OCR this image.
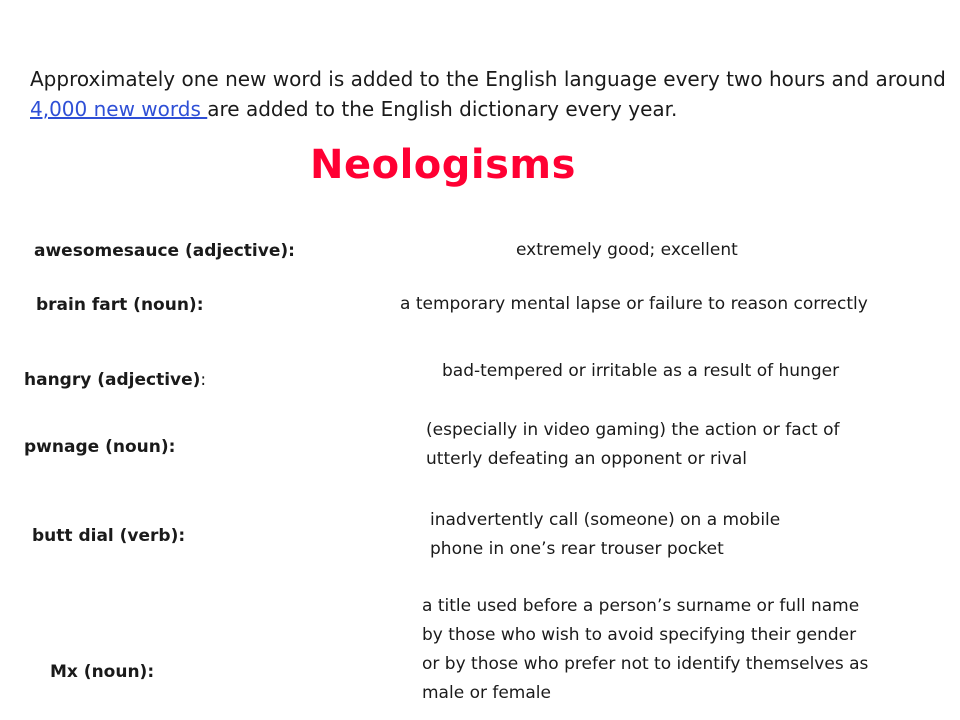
Approximately one new word is added to the English language every two hours and around 4,000 new words are added to the English dictionary every year.
Neologisms
awesomesauce (adjective):	extremely good; excellent
brain fart (noun):	a temporary mental lapse or failure to reason correctly
hangry (adjective):	bad-tempered or irritable as a result of hunger
pwnage (noun):
(especially in video gaming) the action or fact of
utterly defeating an opponent or rival
butt dial (verb):
inadvertently call (someone) on a mobile
phone in one’s rear trouser pocket
Mx (noun):
a title used before a person’s surname or full name
by those who wish to avoid specifying their gender
or by those who prefer not to identify themselves as
male or female
